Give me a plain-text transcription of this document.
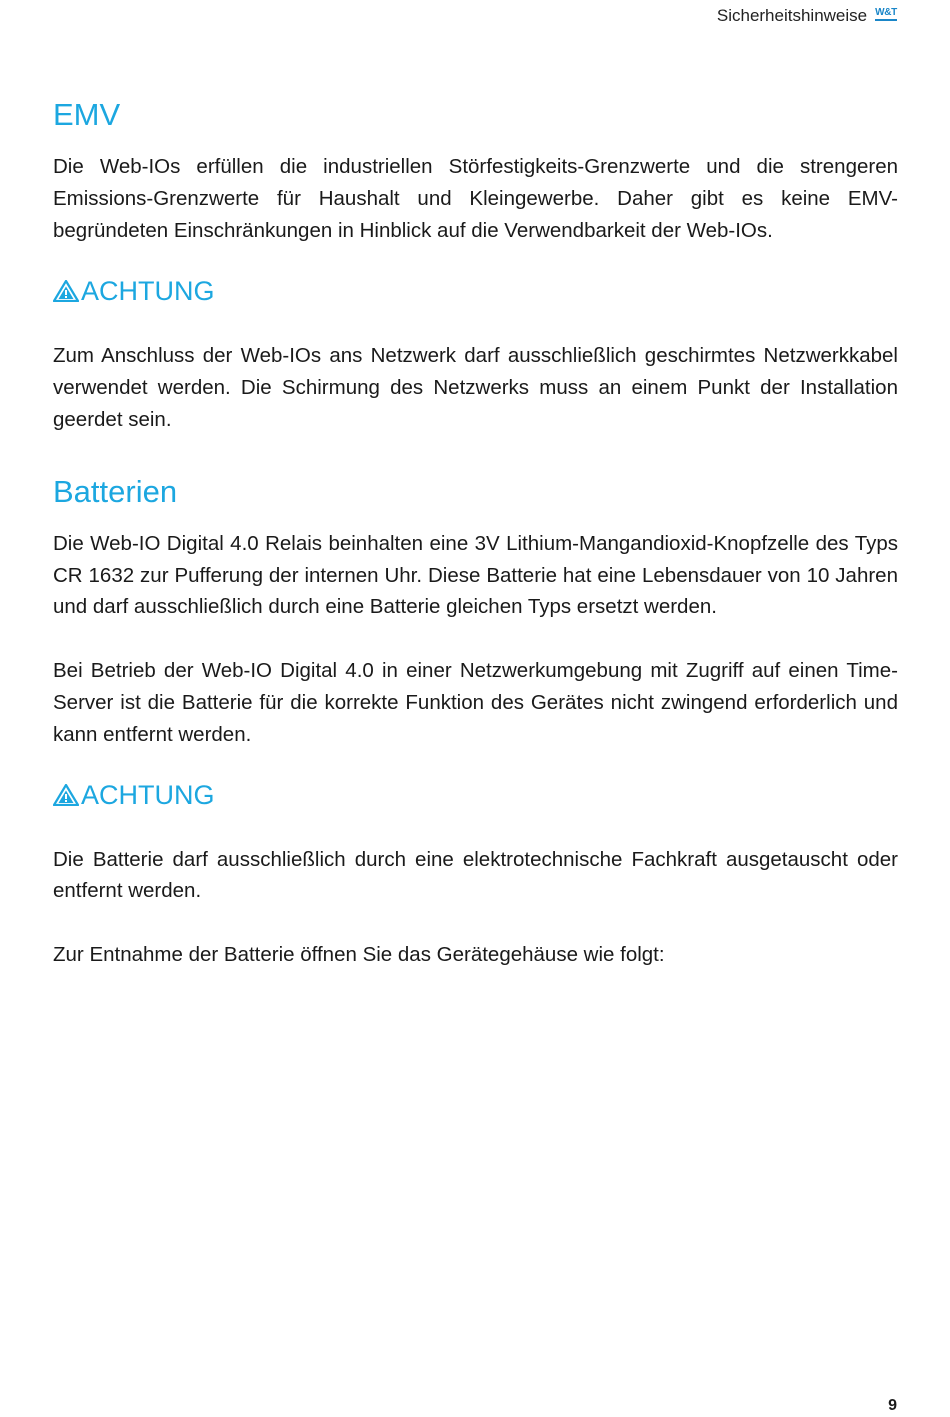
Sicherheitshinweise W&T
EMV

Die Web-IOs erfüllen die industriellen Störfestigkeits-Grenzwerte und die strengeren Emissions-Grenzwerte für Haushalt und Kleingewerbe. Daher gibt es keine EMV-begründeten Einschränkungen in Hinblick auf die Verwendbarkeit der Web-IOs.

ACHTUNG

Zum Anschluss der Web-IOs ans Netzwerk darf ausschließlich geschirmtes Netzwerkkabel verwendet werden. Die Schirmung des Netzwerks muss an einem Punkt der Installation geerdet sein.

Batterien

Die Web-IO Digital 4.0 Relais beinhalten eine 3V Lithium-Mangandioxid-Knopfzelle des Typs CR 1632 zur Pufferung der internen Uhr. Diese Batterie hat eine Lebensdauer von 10 Jahren und darf ausschließlich durch eine Batterie gleichen Typs ersetzt werden.

Bei Betrieb der Web-IO Digital 4.0 in einer Netzwerkumgebung mit Zugriff auf einen Time-Server ist die Batterie für die korrekte Funktion des Gerätes nicht zwingend erforderlich und kann entfernt werden.

ACHTUNG

Die Batterie darf ausschließlich durch eine elektrotechnische Fachkraft ausgetauscht oder entfernt werden.

Zur Entnahme der Batterie öffnen Sie das Gerätegehäuse wie folgt:

9
